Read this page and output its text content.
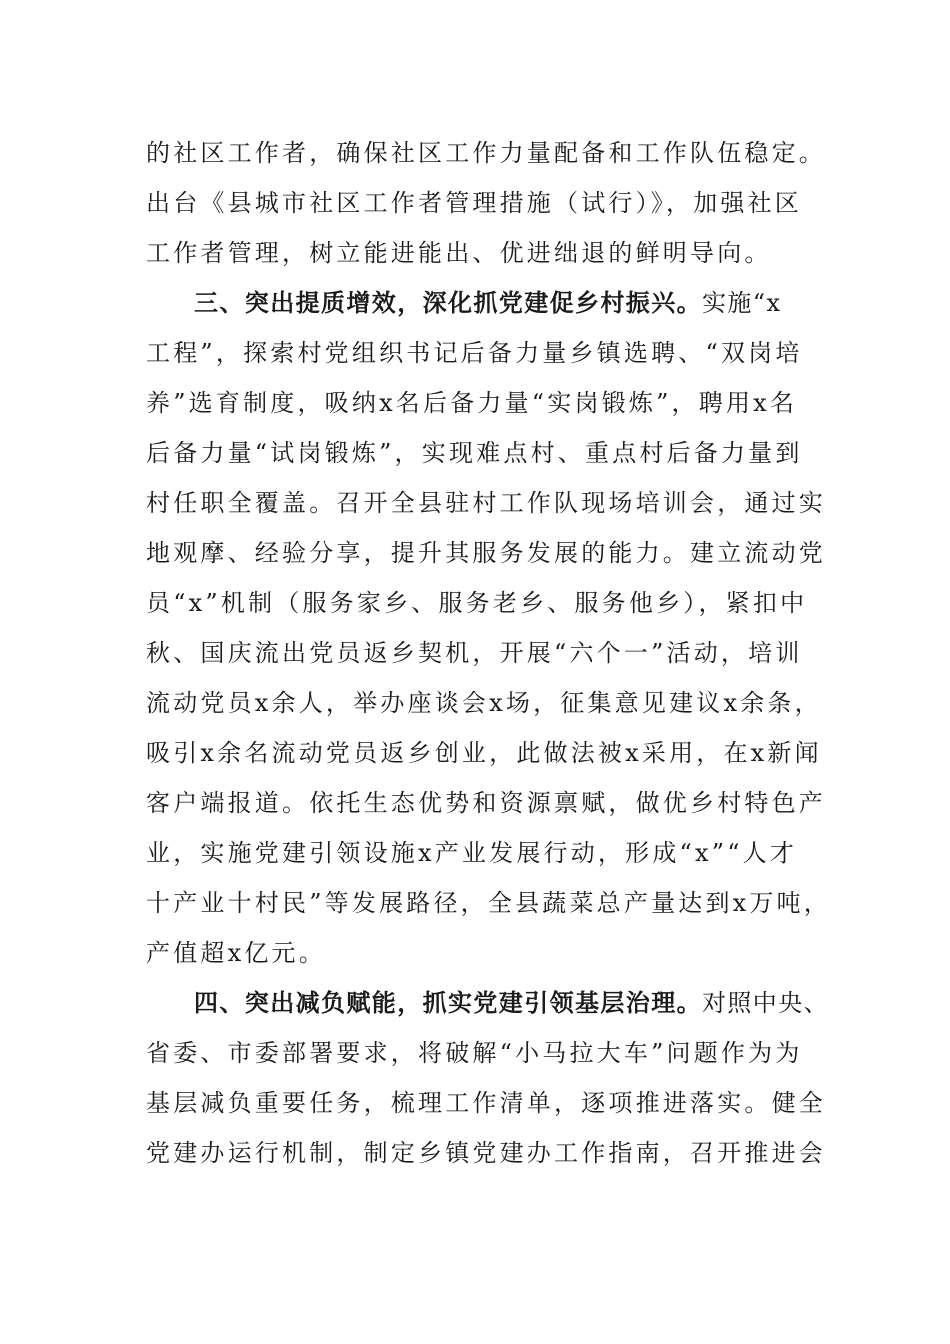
的社区工作者，确保社区工作力量配备和工作队伍稳定。
出台《县城市社区工作者管理措施（试行）》，加强社区
工作者管理，树立能进能出、优进绌退的鲜明导向。
三、突出提质增效，深化抓党建促乡村振兴。实施“x
工程”，探索村党组织书记后备力量乡镇选聘、“双岗培
养”选育制度，吸纳x名后备力量“实岗锻炼”，聘用x名
后备力量“试岗锻炼”，实现难点村、重点村后备力量到
村任职全覆盖。召开全县驻村工作队现场培训会，通过实
地观摩、经验分享，提升其服务发展的能力。建立流动党
员“x”机制（服务家乡、服务老乡、服务他乡），紧扣中
秋、国庆流出党员返乡契机，开展“六个一”活动，培训
流动党员x余人，举办座谈会x场，征集意见建议x余条，
吸引x余名流动党员返乡创业，此做法被x采用，在x新闻
客户端报道。依托生态优势和资源禀赋，做优乡村特色产
业，实施党建引领设施x产业发展行动，形成“x”“人才
十产业十村民”等发展路径，全县蔬菜总产量达到x万吨，
产值超x亿元。
四、突出减负赋能，抓实党建引领基层治理。对照中央、
省委、市委部署要求，将破解“小马拉大车”问题作为为
基层减负重要任务，梳理工作清单，逐项推进落实。健全
党建办运行机制，制定乡镇党建办工作指南，召开推进会
